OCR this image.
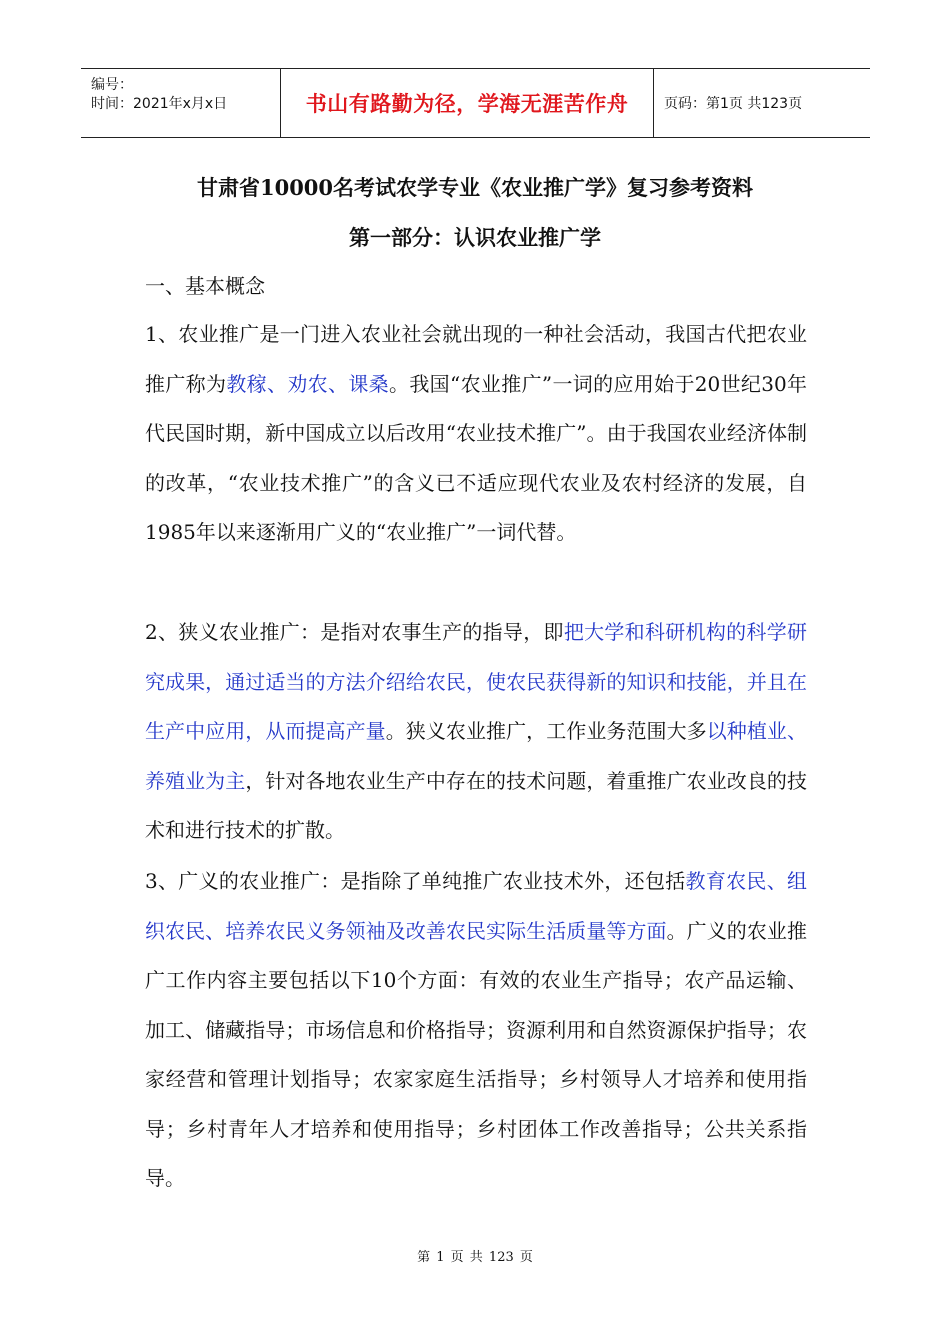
编号：
时间：2021年x月x日	书山有路勤为径，学海无涯苦作舟	页码：第1页 共123页
甘肃省10000名考试农学专业《农业推广学》复习参考资料
第一部分：认识农业推广学
一、基本概念

1、农业推广是一门进入农业社会就出现的一种社会活动，我国古代把农业推广称为教稼、劝农、课桑。我国“农业推广”一词的应用始于20世纪30年代民国时期，新中国成立以后改用“农业技术推广”。由于我国农业经济体制的改革，“农业技术推广”的含义已不适应现代农业及农村经济的发展，自1985年以来逐渐用广义的“农业推广”一词代替。

2、狭义农业推广：是指对农事生产的指导，即把大学和科研机构的科学研究成果，通过适当的方法介绍给农民，使农民获得新的知识和技能，并且在生产中应用，从而提高产量。狭义农业推广，工作业务范围大多以种植业、养殖业为主，针对各地农业生产中存在的技术问题，着重推广农业改良的技术和进行技术的扩散。

3、广义的农业推广：是指除了单纯推广农业技术外，还包括教育农民、组织农民、培养农民义务领袖及改善农民实际生活质量等方面。广义的农业推广工作内容主要包括以下10个方面：有效的农业生产指导；农产品运输、加工、储藏指导；市场信息和价格指导；资源利用和自然资源保护指导；农家经营和管理计划指导；农家家庭生活指导；乡村领导人才培养和使用指导；乡村青年人才培养和使用指导；乡村团体工作改善指导；公共关系指导。

第 1 页 共 123 页
